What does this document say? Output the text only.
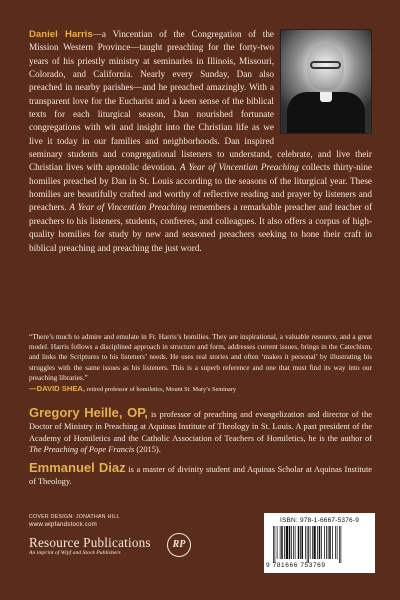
Daniel Harris—a Vincentian of the Congregation of the Mission Western Province—taught preaching for the forty-two years of his priestly ministry at seminaries in Illinois, Missouri, Colorado, and California. Nearly every Sunday, Dan also preached in nearby parishes—and he preached amazingly. With a transparent love for the Eucharist and a keen sense of the biblical texts for each liturgical season, Dan nourished fortunate congregations with wit and insight into the Christian life as we live it today in our families and neighborhoods. Dan inspired seminary students and congregational listeners to understand, celebrate, and live their Christian lives with apostolic devotion. A Year of Vincentian Preaching collects thirty-nine homilies preached by Dan in St. Louis according to the seasons of the liturgical year. These homilies are beautifully crafted and worthy of reflective reading and prayer by listeners and preachers. A Year of Vincentian Preaching remembers a remarkable preacher and teacher of preachers to his listeners, students, confreres, and colleagues. It also offers a corpus of high-quality homilies for study by new and seasoned preachers seeking to hone their craft in biblical preaching and preaching the just word.
“There’s much to admire and emulate in Fr. Harris’s homilies. They are inspirational, a valuable resource, and a great model. Harris follows a disciplined approach in structure and form, addresses current issues, brings in the Catechism, and links the Scriptures to his listeners’ needs. He uses real stories and often ‘makes it personal’ by illustrating his struggles with the same issues as his listeners. This is a superb reference and one that must find its way into our preaching libraries.”
—DAVID SHEA, retired professor of homiletics, Mount St. Mary’s Seminary
Gregory Heille, OP, is professor of preaching and evangelization and director of the Doctor of Ministry in Preaching at Aquinas Institute of Theology in St. Louis. A past president of the Academy of Homiletics and the Catholic Association of Teachers of Homiletics, he is the author of The Preaching of Pope Francis (2015).
Emmanuel Diaz is a master of divinity student and Aquinas Scholar at Aquinas Institute of Theology.
COVER DESIGN: JONATHAN HILL
www.wipfandstock.com
Resource Publications
An imprint of Wipf and Stock Publishers
RP
ISBN: 978-1-6667-5376-9
9 781666 753769
